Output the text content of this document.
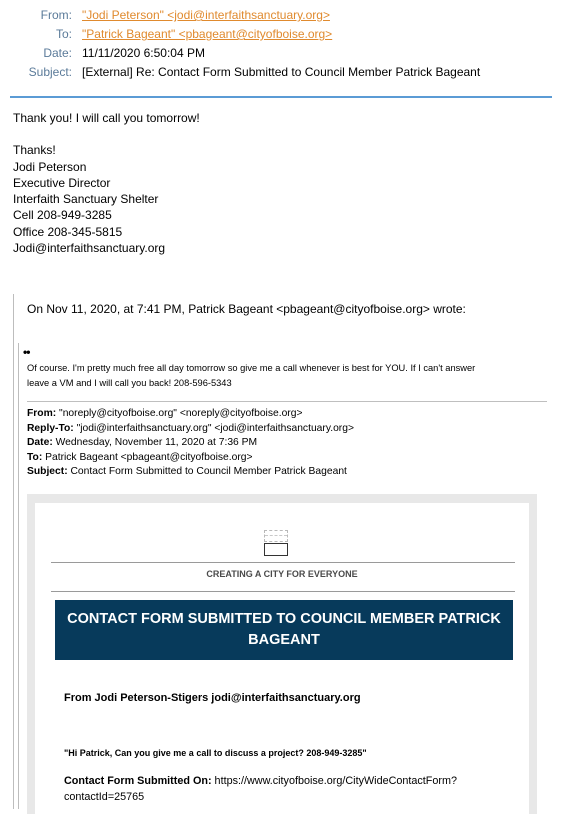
From: "Jodi Peterson" <jodi@interfaithsanctuary.org>
To: "Patrick Bageant" <pbageant@cityofboise.org>
Date: 11/11/2020 6:50:04 PM
Subject: [External] Re: Contact Form Submitted to Council Member Patrick Bageant
Thank you! I will call you tomorrow!
Thanks!
Jodi Peterson
Executive Director
Interfaith Sanctuary Shelter
Cell 208-949-3285
Office 208-345-5815
Jodi@interfaithsanctuary.org
On Nov 11, 2020, at 7:41 PM, Patrick Bageant <pbageant@cityofboise.org> wrote:
••
Of course. I'm pretty much free all day tomorrow so give me a call whenever is best for YOU. If I can't answer
leave a VM and I will call you back! 208-596-5343
From: "noreply@cityofboise.org" <noreply@cityofboise.org>
Reply-To: "jodi@interfaithsanctuary.org" <jodi@interfaithsanctuary.org>
Date: Wednesday, November 11, 2020 at 7:36 PM
To: Patrick Bageant <pbageant@cityofboise.org>
Subject: Contact Form Submitted to Council Member Patrick Bageant
CREATING A CITY FOR EVERYONE
CONTACT FORM SUBMITTED TO COUNCIL MEMBER PATRICK
BAGEANT
From Jodi Peterson-Stigers jodi@interfaithsanctuary.org
"Hi Patrick, Can you give me a call to discuss a project? 208-949-3285"
Contact Form Submitted On: https://www.cityofboise.org/CityWideContactForm?
contactId=25765
